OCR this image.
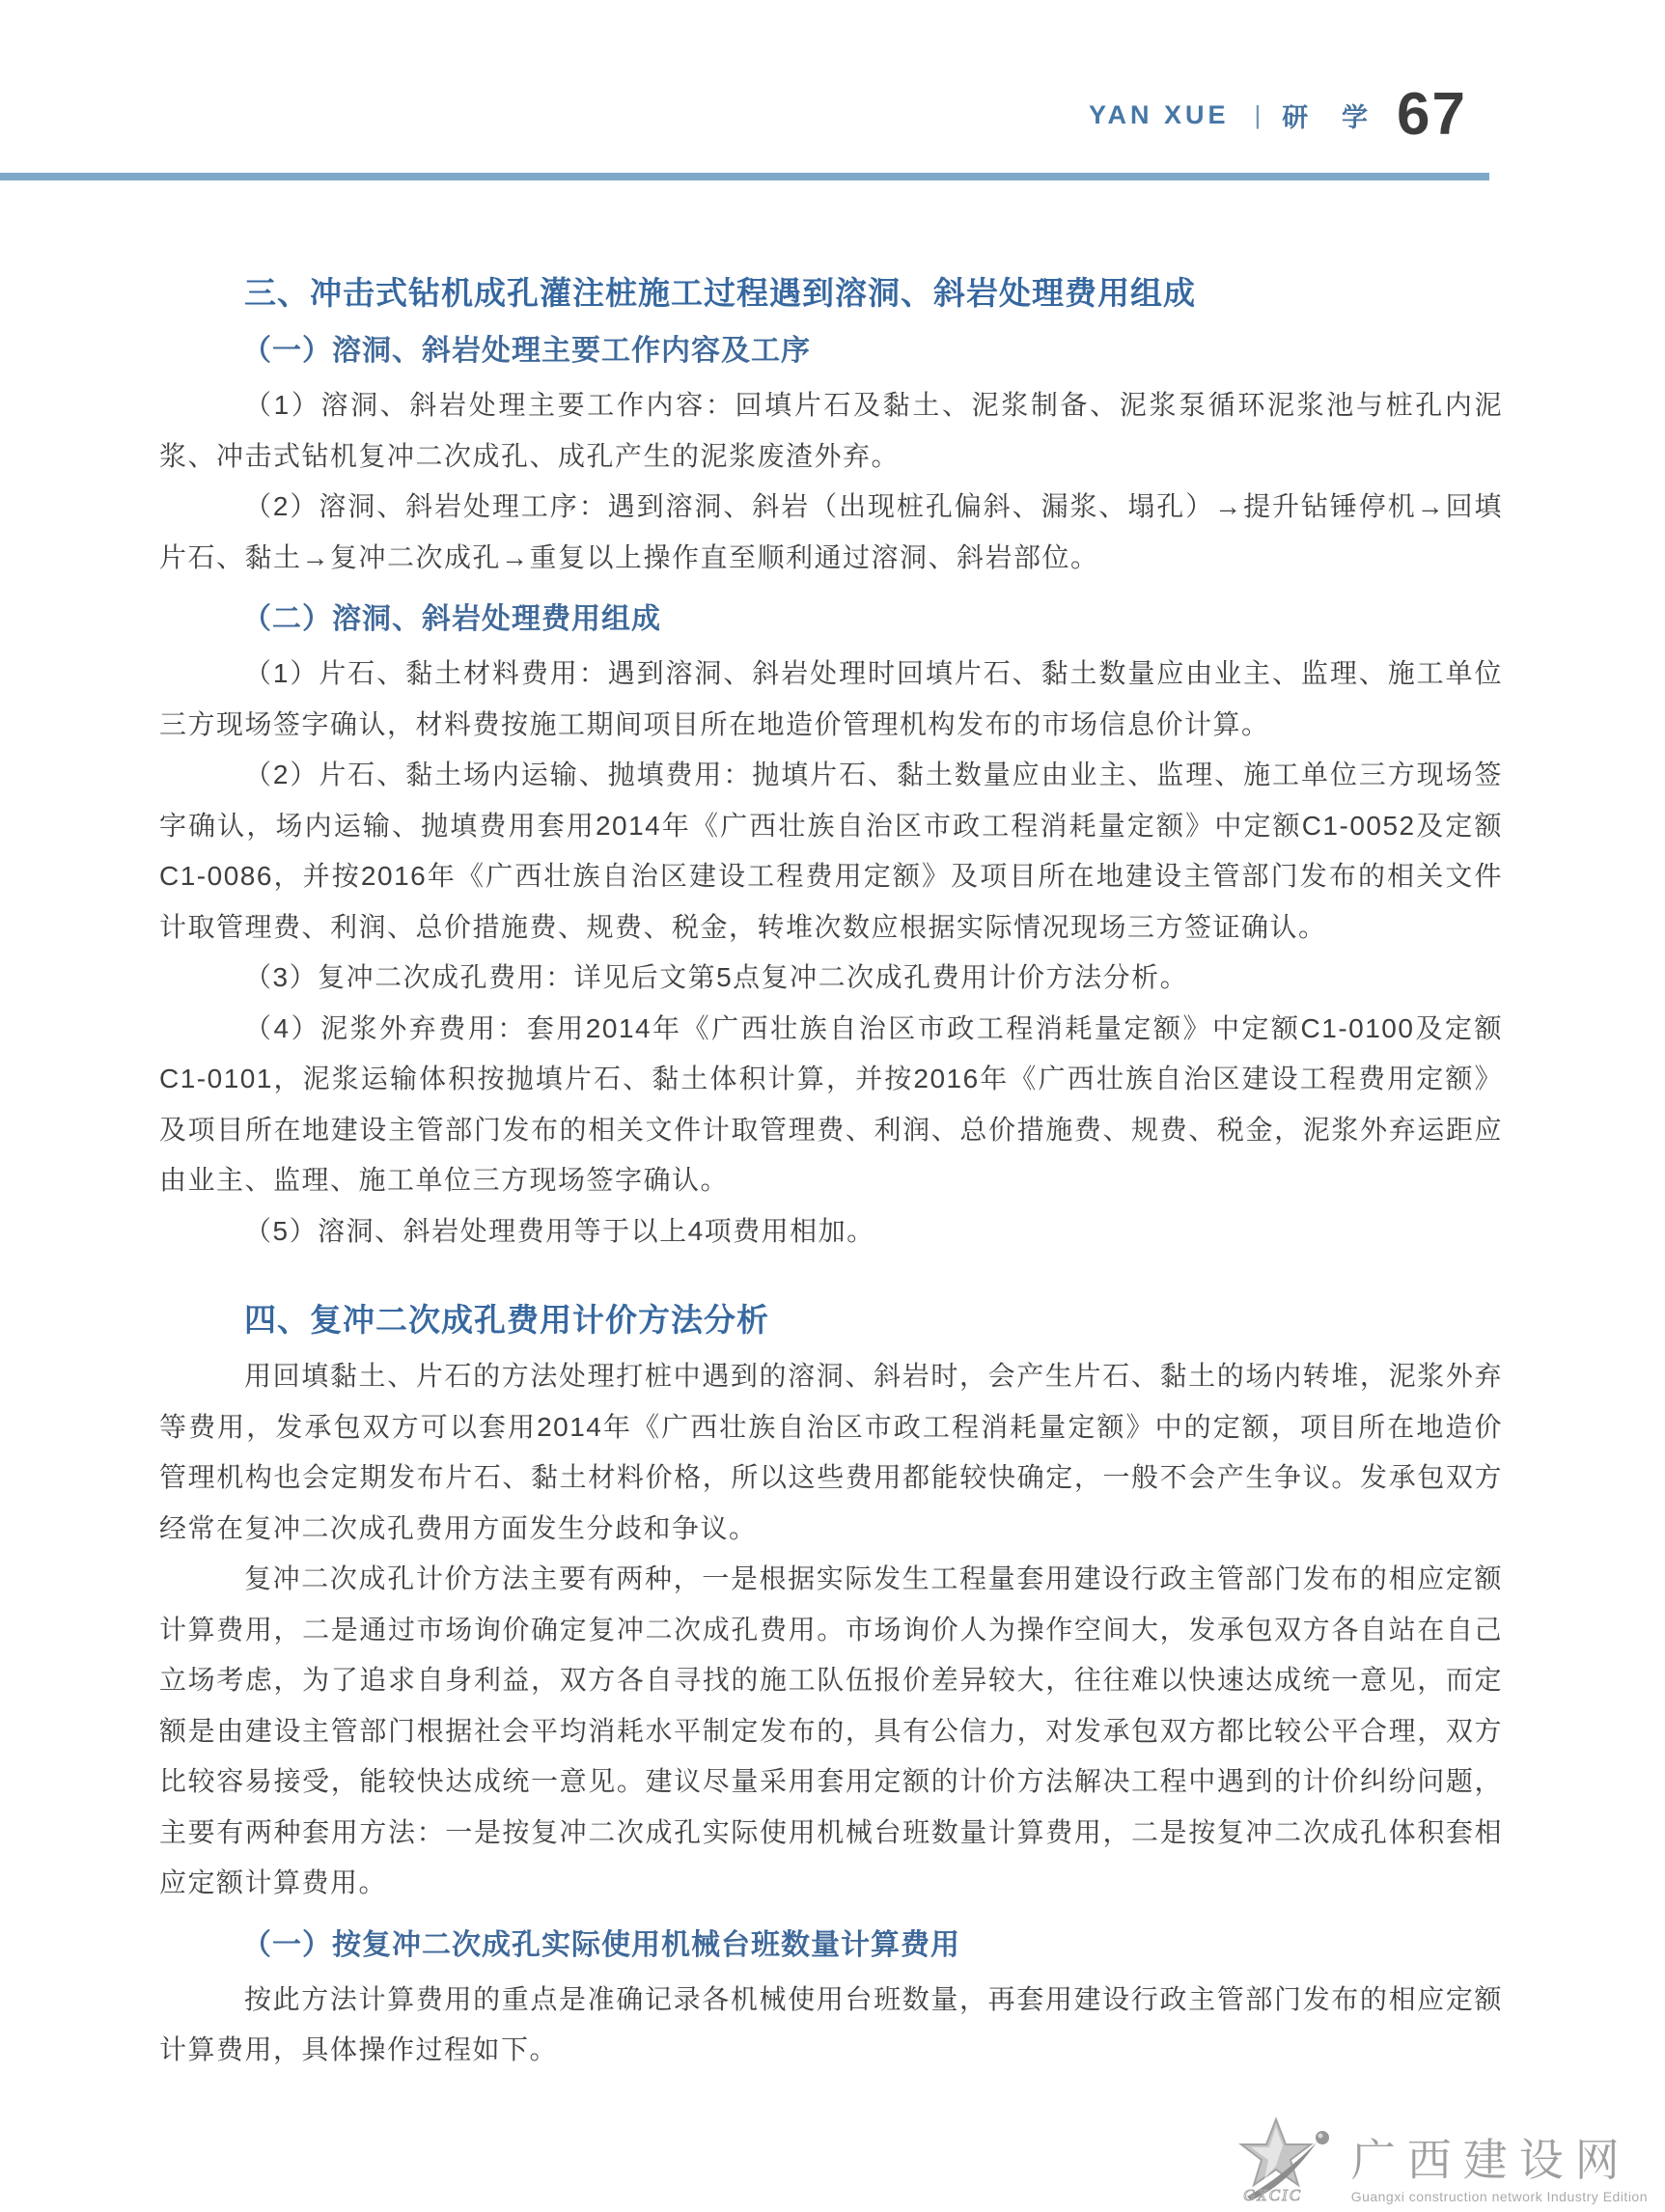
YAN XUE | 研 学 67
三、冲击式钻机成孔灌注桩施工过程遇到溶洞、斜岩处理费用组成
（一）溶洞、斜岩处理主要工作内容及工序

（1）溶洞、斜岩处理主要工作内容：回填片石及黏土、泥浆制备、泥浆泵循环泥浆池与桩孔内泥浆、冲击式钻机复冲二次成孔、成孔产生的泥浆废渣外弃。

（2）溶洞、斜岩处理工序：遇到溶洞、斜岩（出现桩孔偏斜、漏浆、塌孔）→提升钻锤停机→回填片石、黏土→复冲二次成孔→重复以上操作直至顺利通过溶洞、斜岩部位。

（二）溶洞、斜岩处理费用组成

（1）片石、黏土材料费用：遇到溶洞、斜岩处理时回填片石、黏土数量应由业主、监理、施工单位三方现场签字确认，材料费按施工期间项目所在地造价管理机构发布的市场信息价计算。

（2）片石、黏土场内运输、抛填费用：抛填片石、黏土数量应由业主、监理、施工单位三方现场签字确认，场内运输、抛填费用套用2014年《广西壮族自治区市政工程消耗量定额》中定额C1-0052及定额C1-0086，并按2016年《广西壮族自治区建设工程费用定额》及项目所在地建设主管部门发布的相关文件计取管理费、利润、总价措施费、规费、税金，转堆次数应根据实际情况现场三方签证确认。

（3）复冲二次成孔费用：详见后文第5点复冲二次成孔费用计价方法分析。

（4）泥浆外弃费用：套用2014年《广西壮族自治区市政工程消耗量定额》中定额C1-0100及定额C1-0101，泥浆运输体积按抛填片石、黏土体积计算，并按2016年《广西壮族自治区建设工程费用定额》及项目所在地建设主管部门发布的相关文件计取管理费、利润、总价措施费、规费、税金，泥浆外弃运距应由业主、监理、施工单位三方现场签字确认。

（5）溶洞、斜岩处理费用等于以上4项费用相加。

四、复冲二次成孔费用计价方法分析

用回填黏土、片石的方法处理打桩中遇到的溶洞、斜岩时，会产生片石、黏土的场内转堆，泥浆外弃等费用，发承包双方可以套用2014年《广西壮族自治区市政工程消耗量定额》中的定额，项目所在地造价管理机构也会定期发布片石、黏土材料价格，所以这些费用都能较快确定，一般不会产生争议。发承包双方经常在复冲二次成孔费用方面发生分歧和争议。

复冲二次成孔计价方法主要有两种，一是根据实际发生工程量套用建设行政主管部门发布的相应定额计算费用，二是通过市场询价确定复冲二次成孔费用。市场询价人为操作空间大，发承包双方各自站在自己立场考虑，为了追求自身利益，双方各自寻找的施工队伍报价差异较大，往往难以快速达成统一意见，而定额是由建设主管部门根据社会平均消耗水平制定发布的，具有公信力，对发承包双方都比较公平合理，双方比较容易接受，能较快达成统一意见。建议尽量采用套用定额的计价方法解决工程中遇到的计价纠纷问题，主要有两种套用方法：一是按复冲二次成孔实际使用机械台班数量计算费用，二是按复冲二次成孔体积套相应定额计算费用。

（一）按复冲二次成孔实际使用机械台班数量计算费用

按此方法计算费用的重点是准确记录各机械使用台班数量，再套用建设行政主管部门发布的相应定额计算费用，具体操作过程如下。

GXCIC
广西建设网
Guangxi construction network Industry Edition
